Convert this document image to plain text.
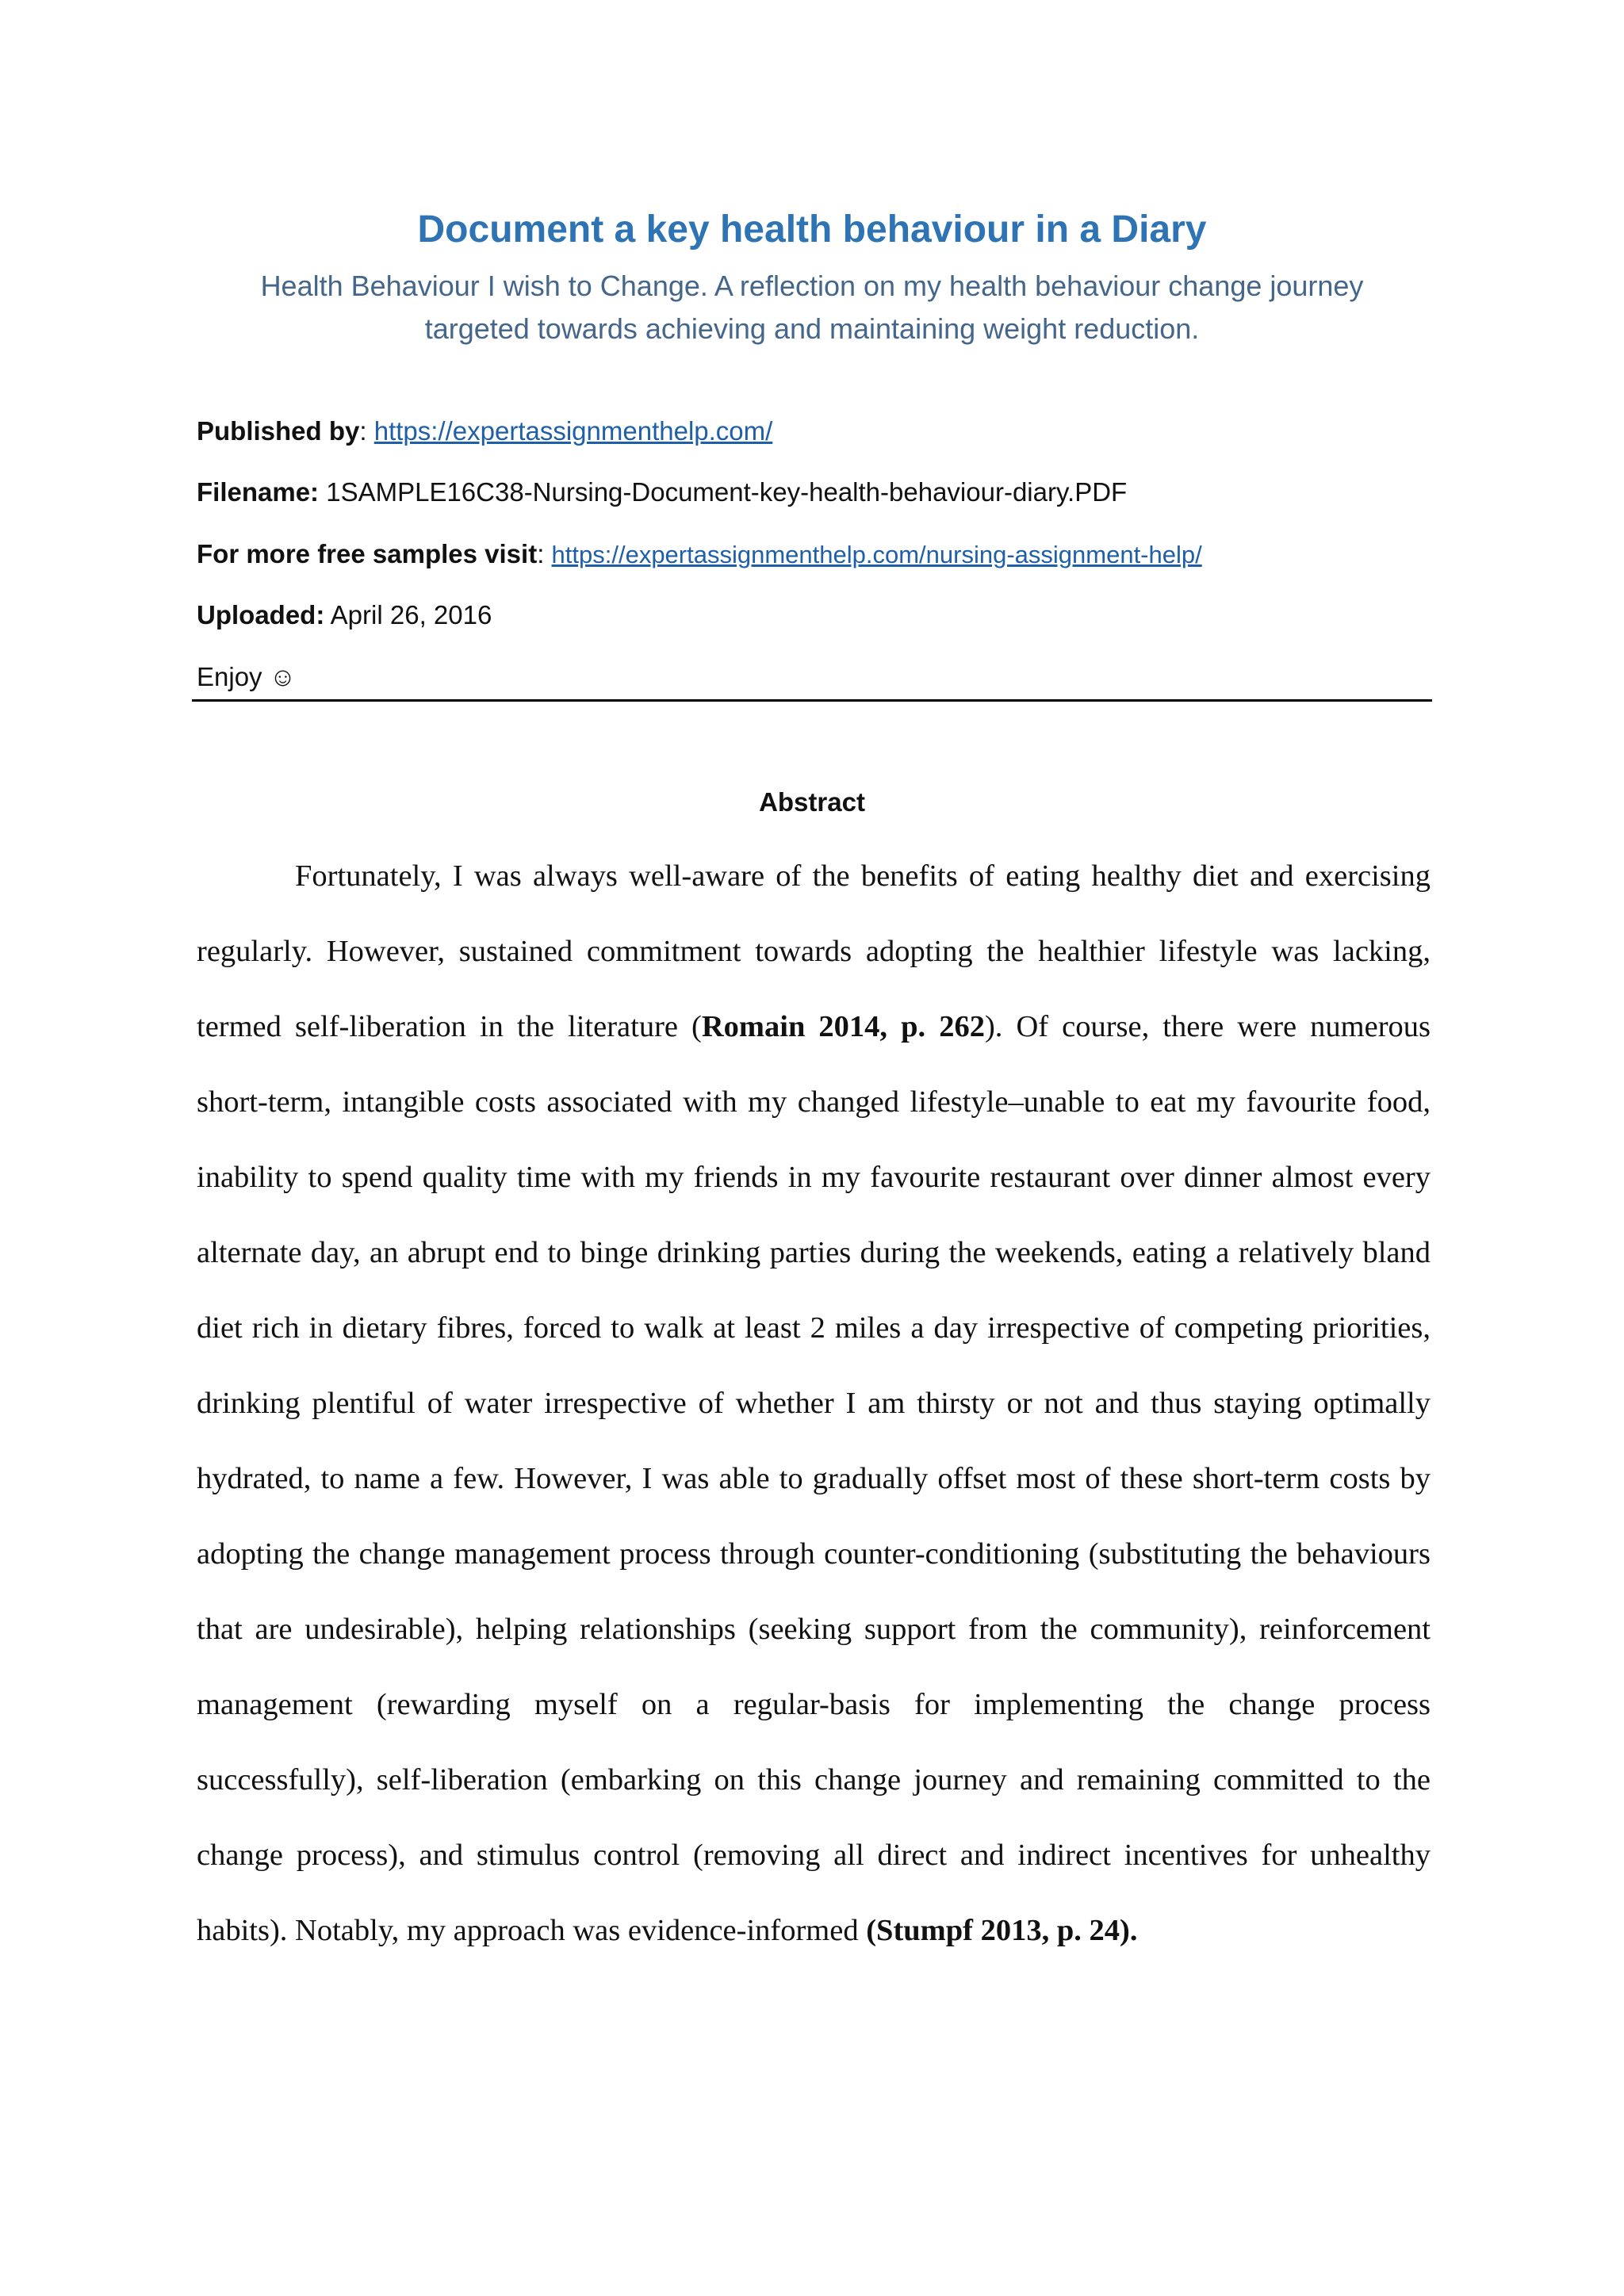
Document a key health behaviour in a Diary

Health Behaviour I wish to Change. A reflection on my health behaviour change journey targeted towards achieving and maintaining weight reduction.

Published by: https://expertassignmenthelp.com/
Filename: 1SAMPLE16C38-Nursing-Document-key-health-behaviour-diary.PDF
For more free samples visit: https://expertassignmenthelp.com/nursing-assignment-help/
Uploaded: April 26, 2016
Enjoy ☺
Abstract

Fortunately, I was always well-aware of the benefits of eating healthy diet and exercising regularly. However, sustained commitment towards adopting the healthier lifestyle was lacking, termed self-liberation in the literature (Romain 2014, p. 262). Of course, there were numerous short-term, intangible costs associated with my changed lifestyle–unable to eat my favourite food, inability to spend quality time with my friends in my favourite restaurant over dinner almost every alternate day, an abrupt end to binge drinking parties during the weekends, eating a relatively bland diet rich in dietary fibres, forced to walk at least 2 miles a day irrespective of competing priorities, drinking plentiful of water irrespective of whether I am thirsty or not and thus staying optimally hydrated, to name a few. However, I was able to gradually offset most of these short-term costs by adopting the change management process through counter-conditioning (substituting the behaviours that are undesirable), helping relationships (seeking support from the community), reinforcement management (rewarding myself on a regular-basis for implementing the change process successfully), self-liberation (embarking on this change journey and remaining committed to the change process), and stimulus control (removing all direct and indirect incentives for unhealthy habits). Notably, my approach was evidence-informed (Stumpf 2013, p. 24).
